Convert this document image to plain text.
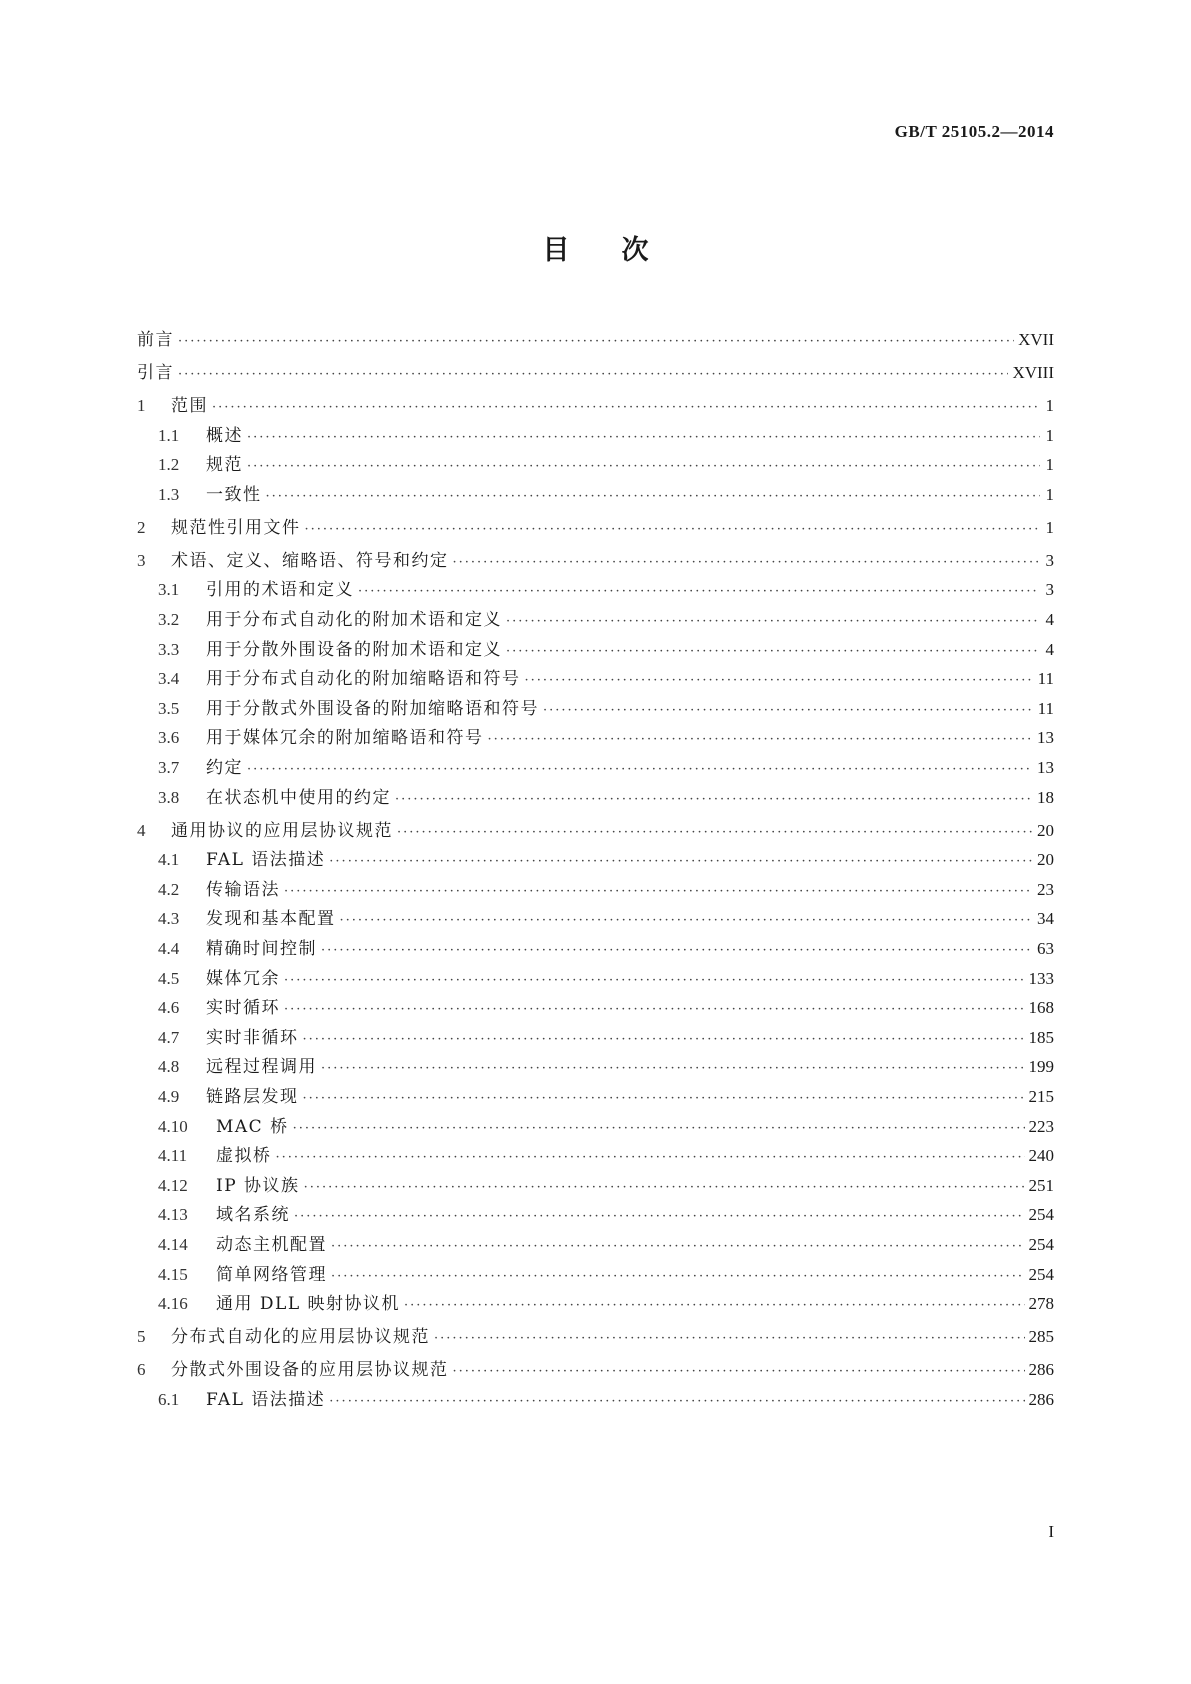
GB/T 25105.2—2014
目次
前言 ·····	XVII
引言 ·····	XVIII
1	范围 ·····	1
1.1	概述 ·····	1
1.2	规范 ·····	1
1.3	一致性 ·····	1
2	规范性引用文件 ·····	1
3	术语、定义、缩略语、符号和约定 ·····	3
3.1	引用的术语和定义 ·····	3
3.2	用于分布式自动化的附加术语和定义 ·····	4
3.3	用于分散外围设备的附加术语和定义 ·····	4
3.4	用于分布式自动化的附加缩略语和符号 ·····	11
3.5	用于分散式外围设备的附加缩略语和符号 ·····	11
3.6	用于媒体冗余的附加缩略语和符号 ·····	13
3.7	约定 ·····	13
3.8	在状态机中使用的约定 ·····	18
4	通用协议的应用层协议规范 ·····	20
4.1	FAL 语法描述 ·····	20
4.2	传输语法 ·····	23
4.3	发现和基本配置 ·····	34
4.4	精确时间控制 ·····	63
4.5	媒体冗余 ·····	133
4.6	实时循环 ·····	168
4.7	实时非循环 ·····	185
4.8	远程过程调用 ·····	199
4.9	链路层发现 ·····	215
4.10	MAC 桥 ·····	223
4.11	虚拟桥 ·····	240
4.12	IP 协议族 ·····	251
4.13	域名系统 ·····	254
4.14	动态主机配置 ·····	254
4.15	简单网络管理 ·····	254
4.16	通用 DLL 映射协议机 ·····	278
5	分布式自动化的应用层协议规范 ·····	285
6	分散式外围设备的应用层协议规范 ·····	286
6.1	FAL 语法描述 ·····	286
I
